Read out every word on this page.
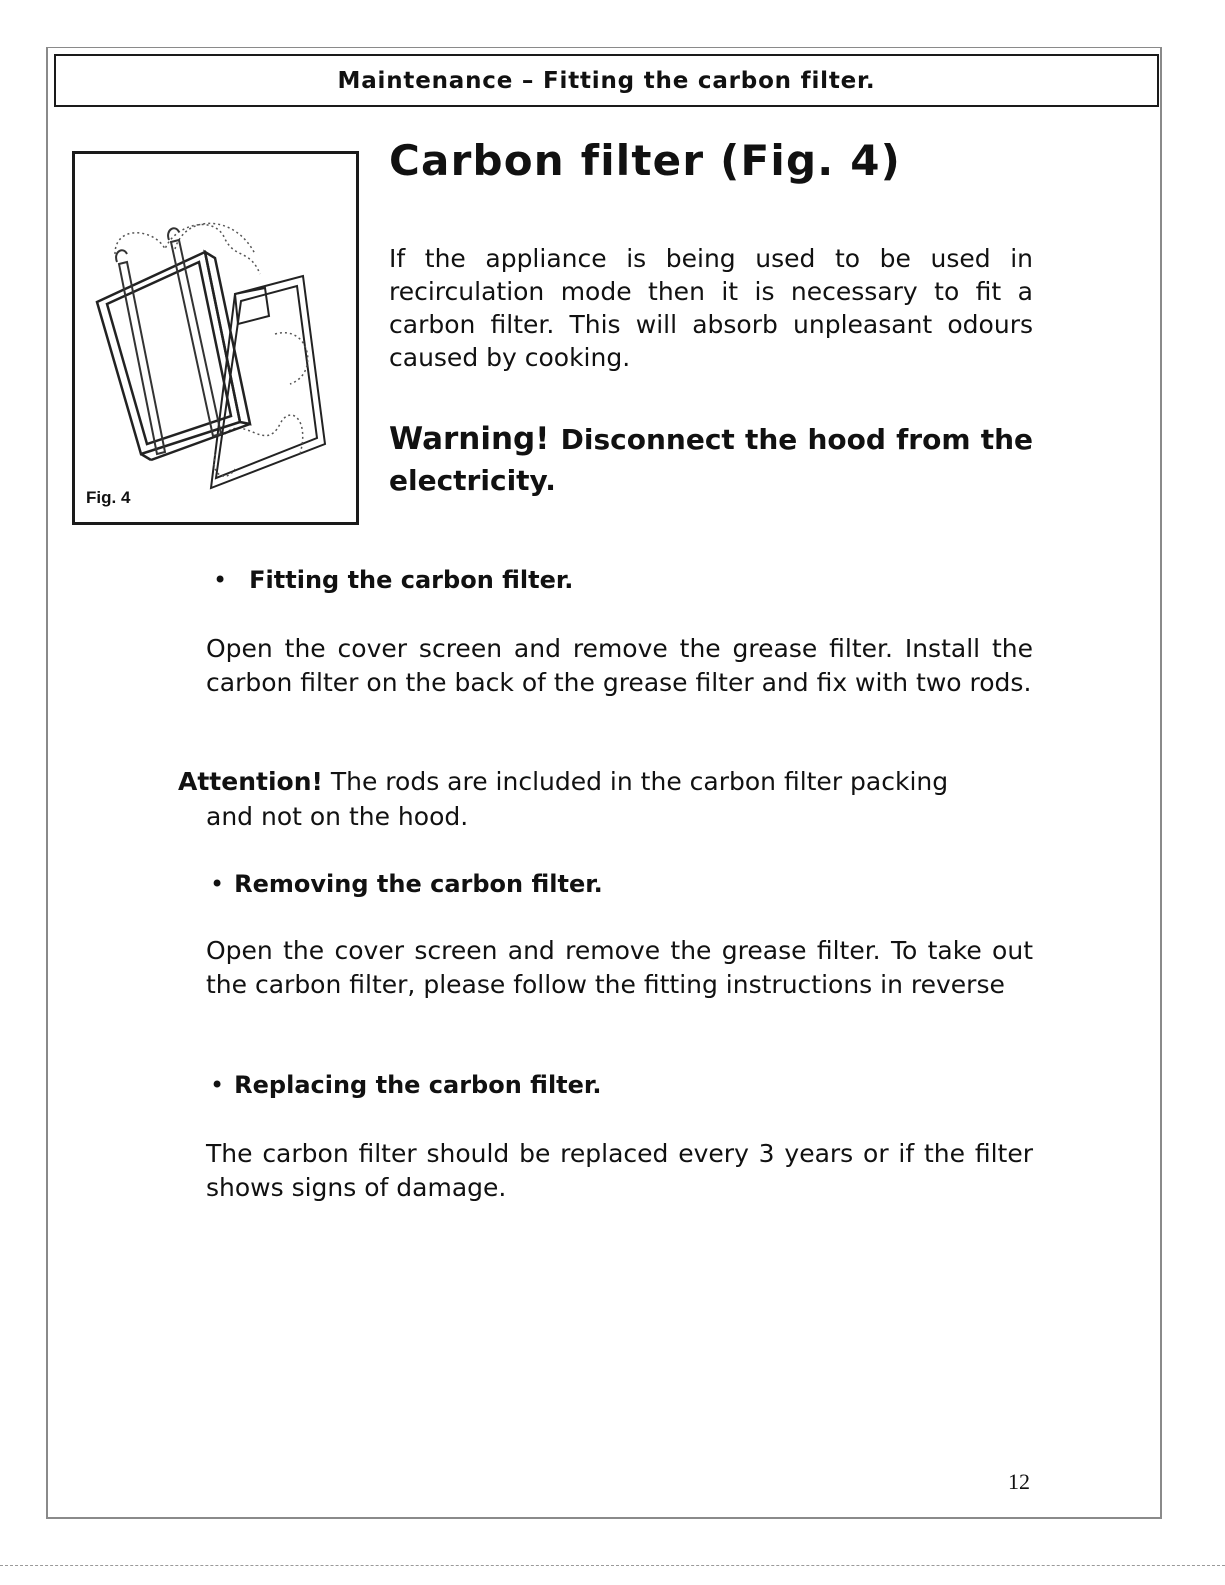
Maintenance – Fitting the carbon filter.
Fig. 4
Carbon filter (Fig. 4)

If the appliance is being used to be used in recirculation mode then it is necessary to fit a carbon filter. This will absorb unpleasant odours caused by cooking.

Warning! Disconnect the hood from the electricity.

• Fitting the carbon filter.

Open the cover screen and remove the grease filter. Install the carbon filter on the back of the grease filter and fix with two rods.

Attention! The rods are included in the carbon filter packing
and not on the hood.

• Removing the carbon filter.

Open the cover screen and remove the grease filter. To take out the carbon filter, please follow the fitting instructions in reverse

• Replacing the carbon filter.

The carbon filter should be replaced every 3 years or if the filter shows signs of damage.

12
